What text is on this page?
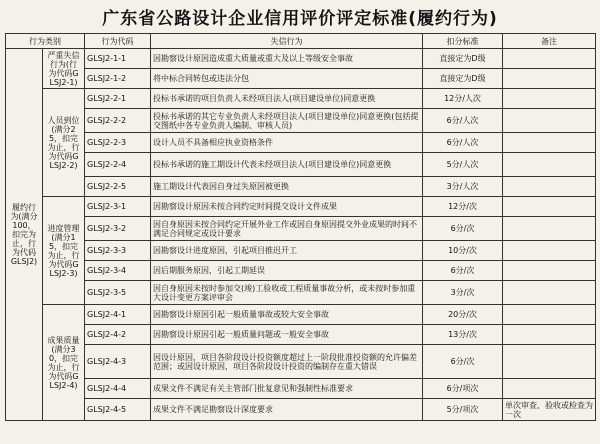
广东省公路设计企业信用评价评定标准(履约行为)
行为类别		行为代码	失信行为	扣分标准	备注

履约行为(满分100，扣完为止，行为代码GLSJ2)	严重失信行为(行为代码GLSJ2-1)	GLSJ2-1-1	因勘察设计原因造成重大质量或重大及以上等级安全事故	直接定为D级	
		GLSJ2-1-2	将中标合同转包或违法分包	直接定为D级	

	人员到位(满分25，扣完为止，行为代码GLSJ2-2)	GLSJ2-2-1	投标书承诺的项目负责人未经项目法人(项目建设单位)同意更换	12分/人次	
		GLSJ2-2-2	投标书承诺的其它专业负责人未经项目法人(项目建设单位)同意更换(包括提交图纸中各专业负责人编制、审核人员)	6分/人次	
		GLSJ2-2-3	设计人员不具备相应执业资格条件	6分/人次	
		GLSJ2-2-4	投标书承诺的施工期设计代表未经项目法人(项目建设单位)同意更换	5分/人次	
		GLSJ2-2-5	施工期设计代表因自身过失原因被更换	3分/人次	

	进度管理(满分15，扣完为止，行为代码GLSJ2-3)	GLSJ2-3-1	因勘察设计原因未按合同约定时间提交设计文件成果	12分/次	
		GLSJ2-3-2	因自身原因未按合同约定开展外业工作或因自身原因提交外业成果的时间不满足合同规定或设计要求	6分/次	
		GLSJ2-3-3	因勘察设计进度原因，引起项目推迟开工	10分/次	
		GLSJ2-3-4	因后期服务原因，引起工期延误	6分/次	
		GLSJ2-3-5	因自身原因未按时参加交(竣)工验收或工程质量事故分析，或未按时参加重大设计变更方案评审会	3分/次	

	成果质量(满分30，扣完为止，行为代码GLSJ2-4)	GLSJ2-4-1	因勘察设计原因引起一般质量事故或较大安全事故	20分/次	
		GLSJ2-4-2	因勘察设计原因引起一般质量问题或一般安全事故	13分/次	
		GLSJ2-4-3	因设计原因，项目各阶段设计投资额度超过上一阶段批准投资额的允许偏差范围；或因设计原因，项目各阶段设计投资的编制存在重大错误	6分/次	
		GLSJ2-4-4	成果文件不满足有关主管部门批复意见和强制性标准要求	6分/项次	
		GLSJ2-4-5	成果文件不满足勘察设计深度要求	5分/项次	单次审查、验收或检查为一次
